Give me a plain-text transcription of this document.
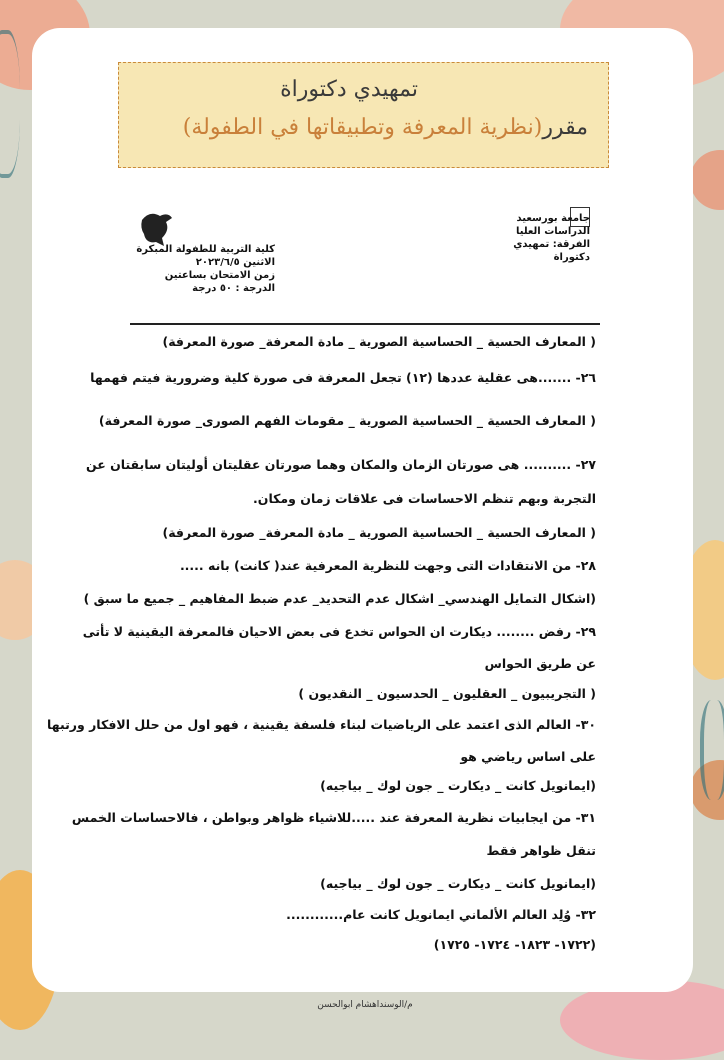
تمهيدي دكتوراة
مقرر(نظرية المعرفة وتطبيقاتها في الطفولة)
جامعة بورسعيد
الدراسات العليا
الفرقة: تمهيدي دكتوراة
كلية التربية للطفولة المبكرة
الاثنين ٢٠٢٣/٦/٥
زمن الامتحان بساعتين
الدرجة : ٥٠ درجة
( المعارف الحسية _ الحساسية الصورية _ مادة المعرفة_ صورة المعرفة)
٢٦- .......هى عقلية عددها (١٢) تجعل المعرفة فى صورة كلية وضرورية فيتم فهمها
( المعارف الحسية _ الحساسية الصورية _ مقومات الفهم الصورى_ صورة المعرفة)
٢٧- .......... هى صورتان الزمان والمكان وهما صورتان عقليتان أوليتان سابقتان عن
التجربة وبهم تنظم الاحساسات فى علاقات زمان ومكان.
( المعارف الحسية _ الحساسية الصورية _ مادة المعرفة_ صورة المعرفة)
٢٨- من الانتقادات التى وجهت للنظرية المعرفية عند( كانت) بانه .....
(اشكال التمايل الهندسي_ اشكال عدم التحديد_ عدم ضبط المفاهيم _ جميع ما سبق )
٢٩- رفض ........ ديكارت ان الحواس تخدع فى بعض الاحيان فالمعرفة اليقينية لا تأتى
عن طريق الحواس
( التجريبيون _ العقليون _ الحدسيون _ النقديون )
٣٠- العالم الذى اعتمد على الرياضيات لبناء فلسفة يقينية ، فهو اول من حلل الافكار ورتبها
على اساس رياضي هو
(ايمانويل كانت _ ديكارت _ جون لوك _ بياجيه)
٣١- من ايجابيات نظرية المعرفة عند .....للاشياء ظواهر وبواطن ، فالاحساسات الخمس
تنقل ظواهر فقط
(ايمانويل كانت _ ديكارت _ جون لوك _ بياجيه)
٣٢- وُلِد العالم الألماني ايمانويل كانت عام............
(١٧٢٢- ١٨٢٣- ١٧٢٤- ١٧٢٥)
م/الوسنداهشام ابوالحسن
